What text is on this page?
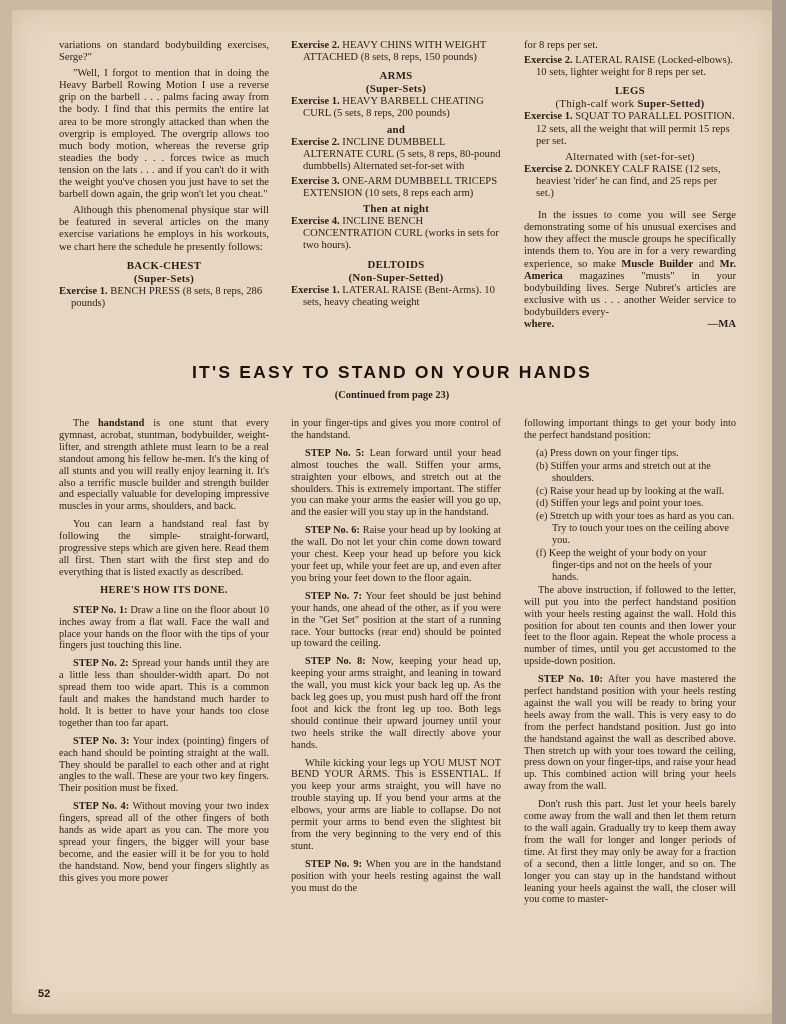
variations on standard bodybuilding exercises, Serge?"

"Well, I forgot to mention that in doing the Heavy Barbell Rowing Motion I use a reverse grip on the barbell . . . palms facing away from the body. I find that this permits the entire lat area to be more strongly attacked than when the overgrip is employed. The overgrip allows too much body motion, whereas the reverse grip steadies the body . . . forces twice as much tension on the lats . . . and if you can't do it with the weight you've chosen you just have to set the barbell down again, the grip won't let you cheat."

Although this phenomenal physique star will be featured in several articles on the many exercise variations he employs in his workouts, we chart here the schedule he presently follows:

BACK-CHEST
(Super-Sets)
Exercise 1. BENCH PRESS (8 sets, 8 reps, 286 pounds)
Exercise 2. HEAVY CHINS WITH WEIGHT ATTACHED (8 sets, 8 reps, 150 pounds)
ARMS
(Super-Sets)
Exercise 1. HEAVY BARBELL CHEATING CURL (5 sets, 8 reps, 200 pounds)
and
Exercise 2. INCLINE DUMBBELL ALTERNATE CURL (5 sets, 8 reps, 80-pound dumbbells) Alternated set-for-set with
Exercise 3. ONE-ARM DUMBBELL TRICEPS EXTENSION (10 sets, 8 reps each arm)
Then at night
Exercise 4. INCLINE BENCH CONCENTRATION CURL (works in sets for two hours).
DELTOIDS
(Non-Super-Setted)
Exercise 1. LATERAL RAISE (Bent-Arms). 10 sets, heavy cheating weight
for 8 reps per set.
Exercise 2. LATERAL RAISE (Locked-elbows). 10 sets, lighter weight for 8 reps per set.
LEGS
(Thigh-calf work Super-Setted)
Exercise 1. SQUAT TO PARALLEL POSITION. 12 sets, all the weight that will permit 15 reps per set.
Alternated with (set-for-set)
Exercise 2. DONKEY CALF RAISE (12 sets, heaviest 'rider' he can find, and 25 reps per set.)

In the issues to come you will see Serge demonstrating some of his unusual exercises and how they affect the muscle groups he specifically intends them to. You are in for a very rewarding experience, so make Muscle Builder and Mr. America magazines "musts" in your bodybuilding lives. Serge Nubret's articles are exclusive with us . . . another Weider service to bodybuilders every-

where.	—MA
IT'S EASY TO STAND ON YOUR HANDS
(Continued from page 23)

The handstand is one stunt that every gymnast, acrobat, stuntman, bodybuilder, weight-lifter, and strength athlete must learn to be a real standout among his fellow he-men. It's the king of all stunts and you will really enjoy learning it. It's also a terrific muscle builder and strength builder and especially valuable for developing impressive muscles in your arms, shoulders, and back.

You can learn a handstand real fast by following the simple- straight-forward, progressive steps which are given here. Read them all first. Then start with the first step and do everything that is listed exactly as described.

HERE'S HOW ITS DONE.

STEP No. 1: Draw a line on the floor about 10 inches away from a flat wall. Face the wall and place your hands on the floor with the tips of your fingers just touching this line.

STEP No. 2: Spread your hands until they are a little less than shoulder-width apart. Do not spread them too wide apart. This is a common fault and makes the handstand much harder to hold. It is better to have your hands too close together than too far apart.

STEP No. 3: Your index (pointing) fingers of each hand should be pointing straight at the wall. They should be parallel to each other and at right angles to the wall. These are your two key fingers. Their position must be fixed.

STEP No. 4: Without moving your two index fingers, spread all of the other fingers of both hands as wide apart as you can. The more you spread your fingers, the bigger will your base become, and the easier will it be for you to hold the handstand. Now, bend your fingers slightly as this gives you more power

in your finger-tips and gives you more control of the handstand.

STEP No. 5: Lean forward until your head almost touches the wall. Stiffen your arms, straighten your elbows, and stretch out at the shoulders. This is extremely important. The stiffer you can make your arms the easier will you go up, and the easier will you stay up in the handstand.

STEP No. 6: Raise your head up by looking at the wall. Do not let your chin come down toward your chest. Keep your head up before you kick your feet up, while your feet are up, and even after you bring your feet down to the floor again.

STEP No. 7: Your feet should be just behind your hands, one ahead of the other, as if you were in the "Get Set" position at the start of a running race. Your buttocks (rear end) should be pointed up toward the ceiling.

STEP No. 8: Now, keeping your head up, keeping your arms straight, and leaning in toward the wall, you must kick your back leg up. As the back leg goes up, you must push hard off the front foot and kick the front leg up too. Both legs should continue their upward journey until your two heels strike the wall directly above your hands.

While kicking your legs up YOU MUST NOT BEND YOUR ARMS. This is ESSENTIAL. If you keep your arms straight, you will have no trouble staying up. If you bend your arms at the elbows, your arms are liable to collapse. Do not permit your arms to bend even the slightest bit from the very beginning to the very end of this stunt.

STEP No. 9: When you are in the handstand position with your heels resting against the wall you must do the

following important things to get your body into the perfect handstand position:

(a) Press down on your finger tips.
(b) Stiffen your arms and stretch out at the shoulders.
(c) Raise your head up by looking at the wall.
(d) Stiffen your legs and point your toes.
(e) Stretch up with your toes as hard as you can. Try to touch your toes on the ceiling above you.
(f) Keep the weight of your body on your finger-tips and not on the heels of your hands.

The above instruction, if followed to the letter, will put you into the perfect handstand position with your heels resting against the wall. Hold this position for about ten counts and then lower your feet to the floor again. Repeat the whole process a number of times, until you get accustomed to the upside-down position.

STEP No. 10: After you have mastered the perfect handstand position with your heels resting against the wall you will be ready to bring your heels away from the wall. This is very easy to do from the perfect handstand position. Just go into the handstand against the wall as described above. Then stretch up with your toes toward the ceiling, press down on your finger-tips, and raise your head up. This combined action will bring your heels away from the wall.

Don't rush this part. Just let your heels barely come away from the wall and then let them return to the wall again. Gradually try to keep them away from the wall for longer and longer periods of time. At first they may only be away for a fraction of a second, then a little longer, and so on. The longer you can stay up in the handstand without leaning your heels against the wall, the closer will you come to master-

52
